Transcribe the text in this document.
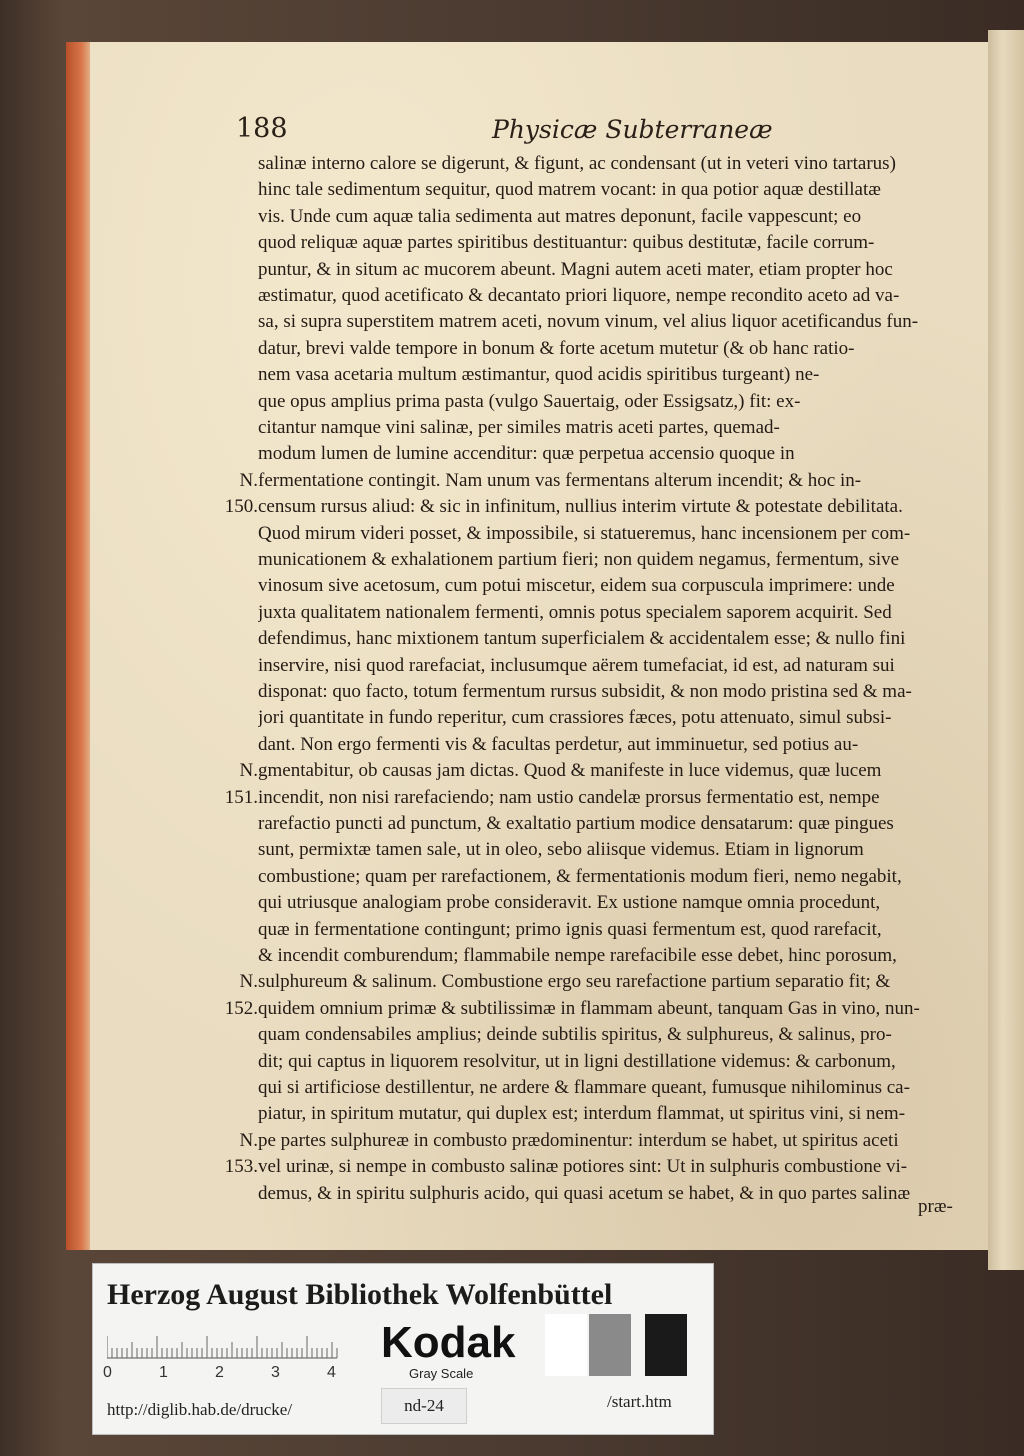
188	Physicæ Subterraneæ
salinæ interno calore se digerunt, & figunt, ac condensant (ut in veteri vino tartarus)
hinc tale sedimentum sequitur, quod matrem vocant: in qua potior aquæ destillatæ
vis. Unde cum aquæ talia sedimenta aut matres deponunt, facile vappescunt; eo
quod reliquæ aquæ partes spiritibus destituantur: quibus destitutæ, facile corrum-
puntur, & in situm ac mucorem abeunt. Magni autem aceti mater, etiam propter hoc
æstimatur, quod acetificato & decantato priori liquore, nempe recondito aceto ad va-
sa, si supra superstitem matrem aceti, novum vinum, vel alius liquor acetificandus fun-
datur, brevi valde tempore in bonum & forte acetum mutetur (& ob hanc ratio-
nem vasa acetaria multum æstimantur, quod acidis spiritibus turgeant) ne-
que opus amplius prima pasta (vulgo Sauertaig, oder Essigsatz,) fit: ex-
citantur namque vini salinæ, per similes matris aceti partes, quemad-
modum lumen de lumine accenditur: quæ perpetua accensio quoque in
fermentatione contingit. Nam unum vas fermentans alterum incendit; & hoc in-
censum rursus aliud: & sic in infinitum, nullius interim virtute & potestate debilitata.
Quod mirum videri posset, & impossibile, si statueremus, hanc incensionem per com-
municationem & exhalationem partium fieri; non quidem negamus, fermentum, sive
vinosum sive acetosum, cum potui miscetur, eidem sua corpuscula imprimere: unde
juxta qualitatem nationalem fermenti, omnis potus specialem saporem acquirit. Sed
defendimus, hanc mixtionem tantum superficialem & accidentalem esse; & nullo fini
inservire, nisi quod rarefaciat, inclusumque aërem tumefaciat, id est, ad naturam sui
disponat: quo facto, totum fermentum rursus subsidit, & non modo pristina sed & ma-
jori quantitate in fundo reperitur, cum crassiores fæces, potu attenuato, simul subsi-
dant. Non ergo fermenti vis & facultas perdetur, aut imminuetur, sed potius au-
gmentabitur, ob causas jam dictas. Quod & manifeste in luce videmus, quæ lucem
incendit, non nisi rarefaciendo; nam ustio candelæ prorsus fermentatio est, nempe
rarefactio puncti ad punctum, & exaltatio partium modice densatarum: quæ pingues
sunt, permixtæ tamen sale, ut in oleo, sebo aliisque videmus. Etiam in lignorum
combustione; quam per rarefactionem, & fermentationis modum fieri, nemo negabit,
qui utriusque analogiam probe consideravit. Ex ustione namque omnia procedunt,
quæ in fermentatione contingunt; primo ignis quasi fermentum est, quod rarefacit,
& incendit comburendum; flammabile nempe rarefacibile esse debet, hinc porosum,
sulphureum & salinum. Combustione ergo seu rarefactione partium separatio fit; &
quidem omnium primæ & subtilissimæ in flammam abeunt, tanquam Gas in vino, nun-
quam condensabiles amplius; deinde subtilis spiritus, & sulphureus, & salinus, pro-
dit; qui captus in liquorem resolvitur, ut in ligni destillatione videmus: & carbonum,
qui si artificiose destillentur, ne ardere & flammare queant, fumusque nihilominus ca-
piatur, in spiritum mutatur, qui duplex est; interdum flammat, ut spiritus vini, si nem-
pe partes sulphureæ in combusto prædominentur: interdum se habet, ut spiritus aceti
vel urinæ, si nempe in combusto salinæ potiores sint: Ut in sulphuris combustione vi-
demus, & in spiritu sulphuris acido, qui quasi acetum se habet, & in quo partes salinæ
N.
150.
N.
151.
N.
152.
N.
153.
præ-
Herzog August Bibliothek Wolfenbüttel
0	1	2	3	4
Kodak
Gray Scale
nd-24
http://diglib.hab.de/drucke/	/start.htm
